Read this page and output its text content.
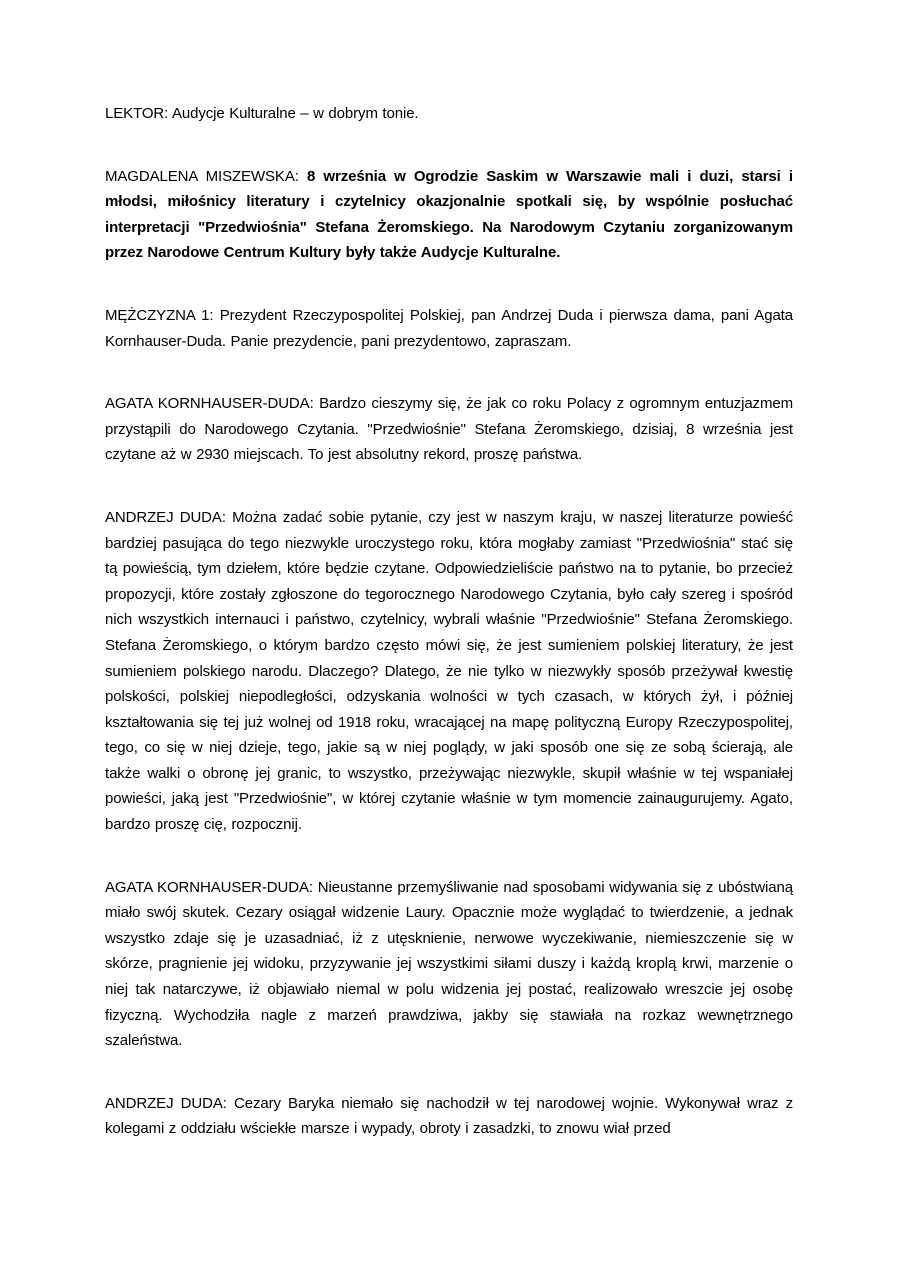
LEKTOR: Audycje Kulturalne – w dobrym tonie.

MAGDALENA MISZEWSKA: 8 września w Ogrodzie Saskim w Warszawie mali i duzi, starsi i młodsi, miłośnicy literatury i czytelnicy okazjonalnie spotkali się, by wspólnie posłuchać interpretacji "Przedwiośnia" Stefana Żeromskiego. Na Narodowym Czytaniu zorganizowanym przez Narodowe Centrum Kultury były także Audycje Kulturalne.

MĘŻCZYZNA 1: Prezydent Rzeczypospolitej Polskiej, pan Andrzej Duda i pierwsza dama, pani Agata Kornhauser-Duda. Panie prezydencie, pani prezydentowo, zapraszam.

AGATA KORNHAUSER-DUDA: Bardzo cieszymy się, że jak co roku Polacy z ogromnym entuzjazmem przystąpili do Narodowego Czytania. "Przedwiośnie" Stefana Żeromskiego, dzisiaj, 8 września jest czytane aż w 2930 miejscach. To jest absolutny rekord, proszę państwa.

ANDRZEJ DUDA: Można zadać sobie pytanie, czy jest w naszym kraju, w naszej literaturze powieść bardziej pasująca do tego niezwykle uroczystego roku, która mogłaby zamiast "Przedwiośnia" stać się tą powieścią, tym dziełem, które będzie czytane. Odpowiedzieliście państwo na to pytanie, bo przecież propozycji, które zostały zgłoszone do tegorocznego Narodowego Czytania, było cały szereg i spośród nich wszystkich internauci i państwo, czytelnicy, wybrali właśnie "Przedwiośnie" Stefana Żeromskiego. Stefana Żeromskiego, o którym bardzo często mówi się, że jest sumieniem polskiej literatury, że jest sumieniem polskiego narodu. Dlaczego? Dlatego, że nie tylko w niezwykły sposób przeżywał kwestię polskości, polskiej niepodległości, odzyskania wolności w tych czasach, w których żył, i później kształtowania się tej już wolnej od 1918 roku, wracającej na mapę polityczną Europy Rzeczypospolitej, tego, co się w niej dzieje, tego, jakie są w niej poglądy, w jaki sposób one się ze sobą ścierają, ale także walki o obronę jej granic, to wszystko, przeżywając niezwykle, skupił właśnie w tej wspaniałej powieści, jaką jest "Przedwiośnie", w której czytanie właśnie w tym momencie zainaugurujemy. Agato, bardzo proszę cię, rozpocznij.

AGATA KORNHAUSER-DUDA: Nieustanne przemyśliwanie nad sposobami widywania się z ubóstwianą miało swój skutek. Cezary osiągał widzenie Laury. Opacznie może wyglądać to twierdzenie, a jednak wszystko zdaje się je uzasadniać, iż z utęsknienie, nerwowe wyczekiwanie, niemieszczenie się w skórze, pragnienie jej widoku, przyzywanie jej wszystkimi siłami duszy i każdą kroplą krwi, marzenie o niej tak natarczywe, iż objawiało niemal w polu widzenia jej postać, realizowało wreszcie jej osobę fizyczną. Wychodziła nagle z marzeń prawdziwa, jakby się stawiała na rozkaz wewnętrznego szaleństwa.

ANDRZEJ DUDA: Cezary Baryka niemało się nachodził w tej narodowej wojnie. Wykonywał wraz z kolegami z oddziału wściekłe marsze i wypady, obroty i zasadzki, to znowu wiał przed
